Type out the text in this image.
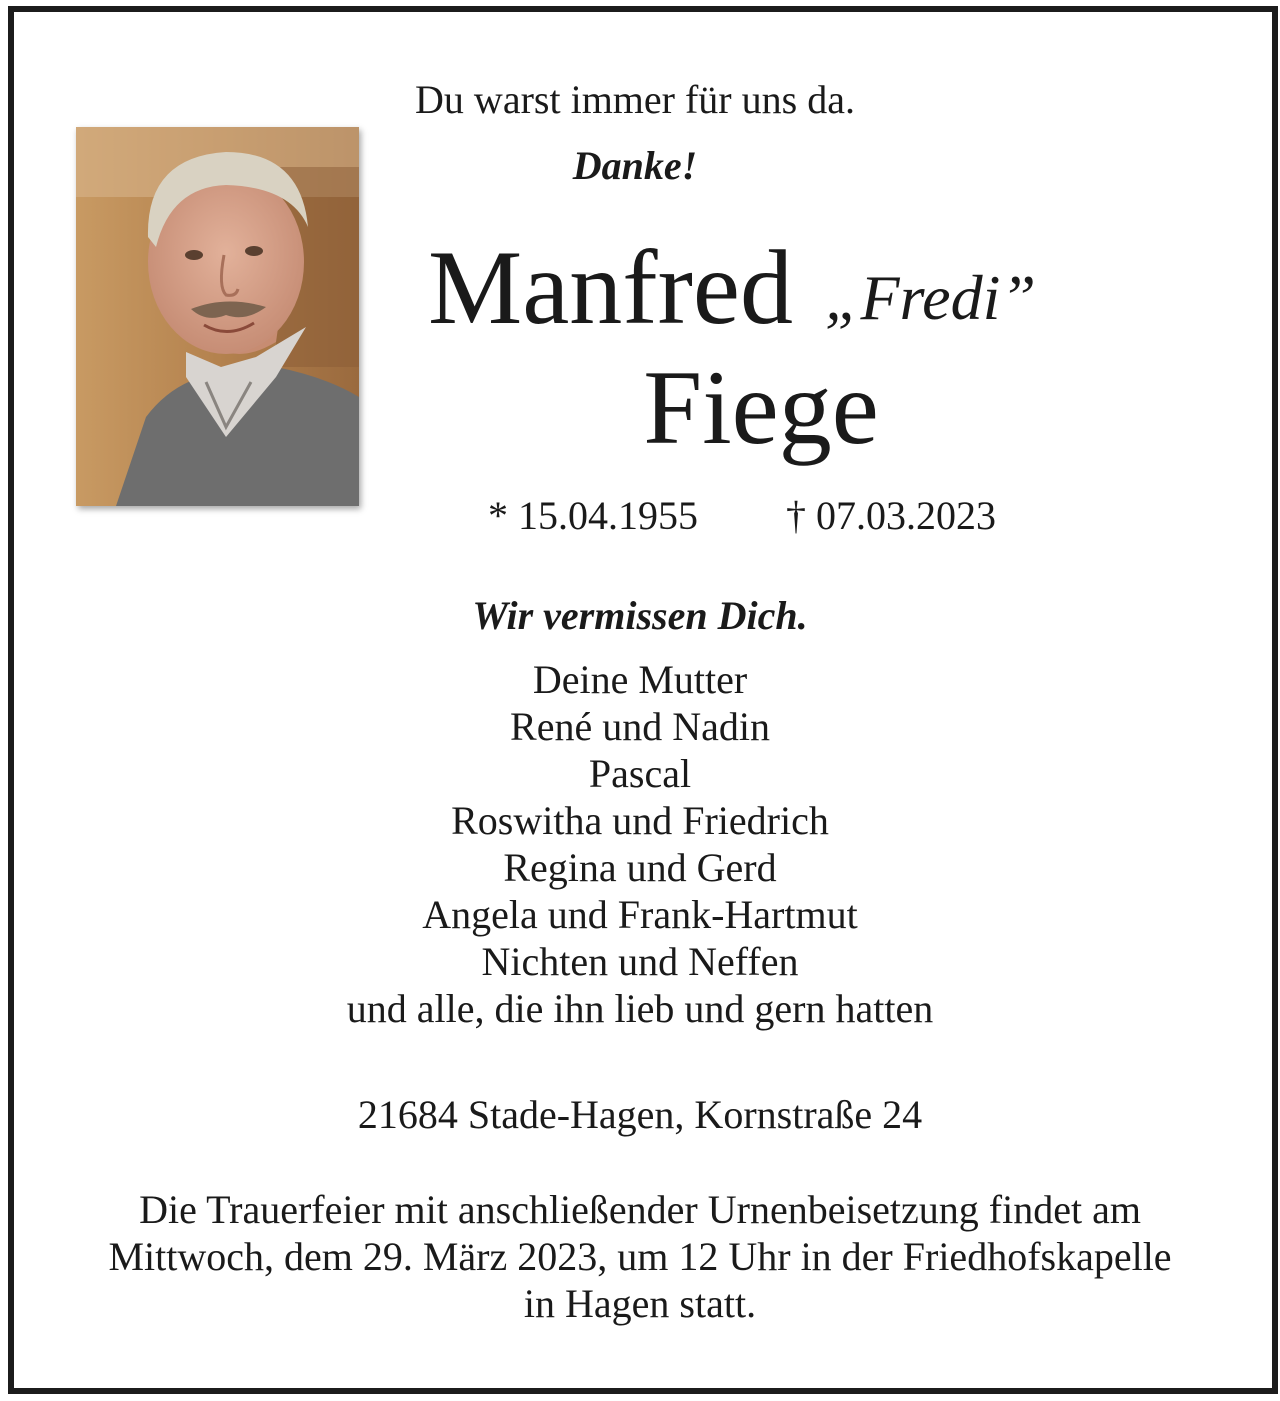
Du warst immer für uns da.
Danke!
Manfred „Fredi”
Fiege
* 15.04.1955 † 07.03.2023
Wir vermissen Dich.
Deine Mutter
René und Nadin
Pascal
Roswitha und Friedrich
Regina und Gerd
Angela und Frank-Hartmut
Nichten und Neffen
und alle, die ihn lieb und gern hatten
21684 Stade-Hagen, Kornstraße 24
Die Trauerfeier mit anschließender Urnenbeisetzung findet am
Mittwoch, dem 29. März 2023, um 12 Uhr in der Friedhofskapelle
in Hagen statt.
